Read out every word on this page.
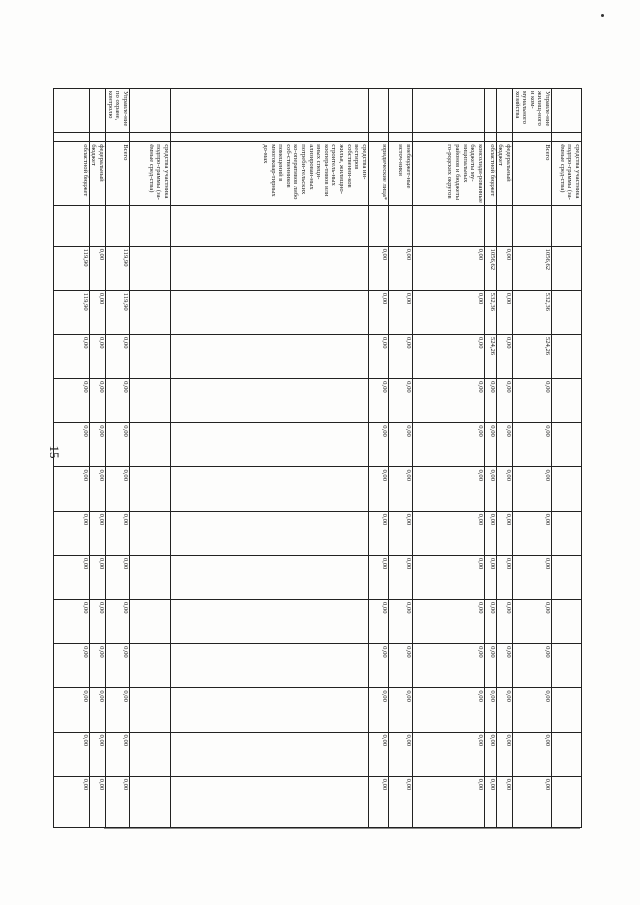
15
		средства участника подпро-граммы (за-ёмные сред-ства)														
Управле-ние жилищ-ного и ком-мунального хозяйства		Всего		1056,62	532,36	524,26	0,00	0,00	0,00	0,00	0,00	0,00	0,00	0,00	0,00	0,00
		федеральный бюджет		0,00	0,00	0,00	0,00	0,00	0,00	0,00	0,00	0,00	0,00	0,00	0,00	0,00
		областной бюджет		1056,62	532,36	524,26	0,00	0,00	0,00	0,00	0,00	0,00	0,00	0,00	0,00	0,00
		консолиди-рованные бюджеты му-ниципальных районов и бюджеты го-родских округов		0,00	0,00	0,00	0,00	0,00	0,00	0,00	0,00	0,00	0,00	0,00	0,00	0,00
		внебюджет-ные источ-ники		0,00	0,00	0,00	0,00	0,00	0,00	0,00	0,00	0,00	0,00	0,00	0,00	0,00
		юридические лица*		0,00	0,00	0,00	0,00	0,00	0,00	0,00	0,00	0,00	0,00	0,00	0,00	0,00
		средства ин-вестиров собственни-ков жилья, жилищно-строитель-ных коопера-тивов или иных специ-ализирован-ных потреби-тельских ко-оперативов либо соб-ственников помещений в многоквар-тирных до-мах														
		средства участника подпро-граммы (за-ёмные сред-ства)														
Управле-ние по охране, контролю		Всего		119,90	119,90	0,00	0,00	0,00	0,00	0,00	0,00	0,00	0,00	0,00	0,00	0,00
		федеральный бюджет		0,00	0,00	0,00	0,00	0,00	0,00	0,00	0,00	0,00	0,00	0,00	0,00	0,00
		областной бюджет		119,90	119,90	0,00	0,00	0,00	0,00	0,00	0,00	0,00	0,00	0,00	0,00	0,00
